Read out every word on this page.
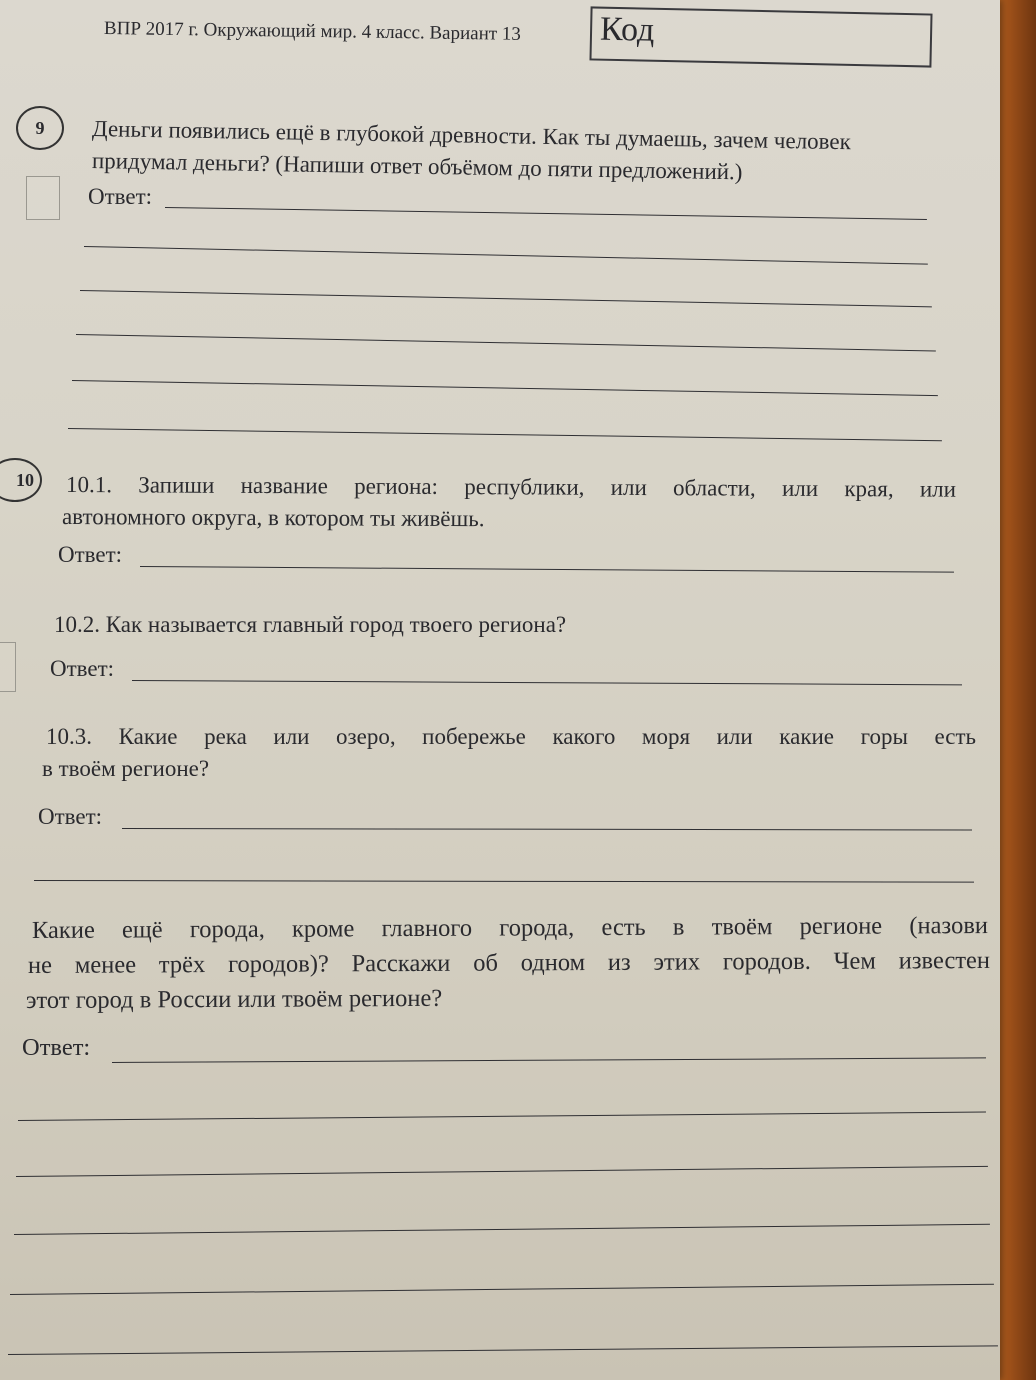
ВПР 2017 г. Окружающий мир. 4 класс. Вариант 13 Код
9	Деньги появились ещё в глубокой древности. Как ты думаешь, зачем человек
придумал деньги? (Напиши ответ объёмом до пяти предложений.)
Ответ:
10	10.1. Запиши название региона: республики, или области, или края, или
автономного округа, в котором ты живёшь.
Ответ:
10.2. Как называется главный город твоего региона?
Ответ:
10.3. Какие река или озеро, побережье какого моря или какие горы есть
в твоём регионе?
Ответ:
Какие ещё города, кроме главного города, есть в твоём регионе (назови
не менее трёх городов)? Расскажи об одном из этих городов. Чем известен
этот город в России или твоём регионе?
Ответ:
